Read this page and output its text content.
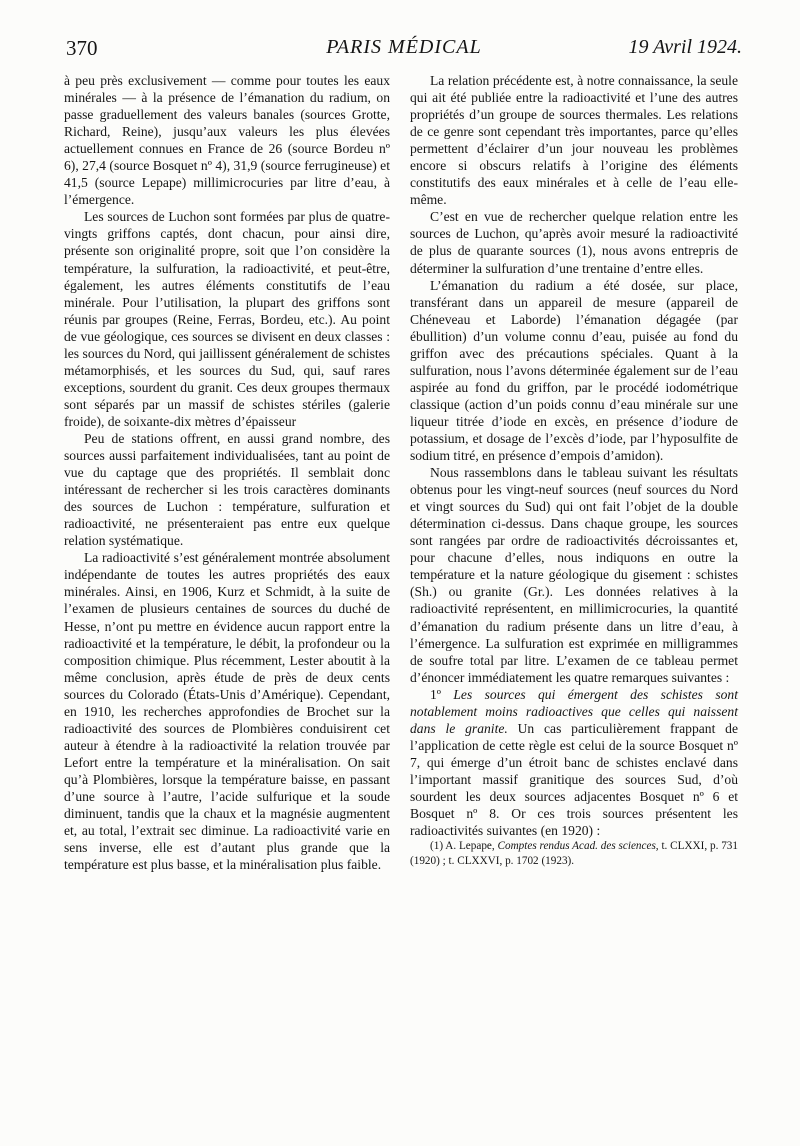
370	PARIS MÉDICAL	19 Avril 1924.

à peu près exclusivement — comme pour toutes les eaux minérales — à la présence de l’émanation du radium, on passe graduellement des valeurs banales (sources Grotte, Richard, Reine), jusqu’aux valeurs les plus élevées actuellement connues en France de 26 (source Bordeu nº 6), 27,4 (source Bosquet nº 4), 31,9 (source ferrugineuse) et 41,5 (source Lepape) millimicrocuries par litre d’eau, à l’émergence.

Les sources de Luchon sont formées par plus de quatre-vingts griffons captés, dont chacun, pour ainsi dire, présente son originalité propre, soit que l’on considère la température, la sulfuration, la radioactivité, et peut-être, également, les autres éléments constitutifs de l’eau minérale. Pour l’utilisation, la plupart des griffons sont réunis par groupes (Reine, Ferras, Bordeu, etc.). Au point de vue géologique, ces sources se divisent en deux classes : les sources du Nord, qui jaillissent généralement de schistes métamorphisés, et les sources du Sud, qui, sauf rares exceptions, sourdent du granit. Ces deux groupes thermaux sont séparés par un massif de schistes stériles (galerie froide), de soixante-dix mètres d’épaisseur

Peu de stations offrent, en aussi grand nombre, des sources aussi parfaitement individualisées, tant au point de vue du captage que des propriétés. Il semblait donc intéressant de rechercher si les trois caractères dominants des sources de Luchon : température, sulfuration et radioactivité, ne présenteraient pas entre eux quelque relation systématique.

La radioactivité s’est généralement montrée absolument indépendante de toutes les autres propriétés des eaux minérales. Ainsi, en 1906, Kurz et Schmidt, à la suite de l’examen de plusieurs centaines de sources du duché de Hesse, n’ont pu mettre en évidence aucun rapport entre la radioactivité et la température, le débit, la profondeur ou la composition chimique. Plus récemment, Lester aboutit à la même conclusion, après étude de près de deux cents sources du Colorado (États-Unis d’Amérique). Cependant, en 1910, les recherches approfondies de Brochet sur la radioactivité des sources de Plombières conduisirent cet auteur à étendre à la radioactivité la relation trouvée par Lefort entre la température et la minéralisation. On sait qu’à Plombières, lorsque la température baisse, en passant d’une source à l’autre, l’acide sulfurique et la soude diminuent, tandis que la chaux et la magnésie augmentent et, au total, l’extrait sec diminue. La radioactivité varie en sens inverse, elle est d’autant plus grande que la température est plus basse, et la minéralisation plus faible.

La relation précédente est, à notre connaissance, la seule qui ait été publiée entre la radioactivité et l’une des autres propriétés d’un groupe de sources thermales. Les relations de ce genre sont cependant très importantes, parce qu’elles permettent d’éclairer d’un jour nouveau les problèmes encore si obscurs relatifs à l’origine des éléments constitutifs des eaux minérales et à celle de l’eau elle-même.

C’est en vue de rechercher quelque relation entre les sources de Luchon, qu’après avoir mesuré la radioactivité de plus de quarante sources (1), nous avons entrepris de déterminer la sulfuration d’une trentaine d’entre elles.

L’émanation du radium a été dosée, sur place, transférant dans un appareil de mesure (appareil de Chéneveau et Laborde) l’émanation dégagée (par ébullition) d’un volume connu d’eau, puisée au fond du griffon avec des précautions spéciales. Quant à la sulfuration, nous l’avons déterminée également sur de l’eau aspirée au fond du griffon, par le procédé iodométrique classique (action d’un poids connu d’eau minérale sur une liqueur titrée d’iode en excès, en présence d’iodure de potassium, et dosage de l’excès d’iode, par l’hyposulfite de sodium titré, en présence d’empois d’amidon).

Nous rassemblons dans le tableau suivant les résultats obtenus pour les vingt-neuf sources (neuf sources du Nord et vingt sources du Sud) qui ont fait l’objet de la double détermination ci-dessus. Dans chaque groupe, les sources sont rangées par ordre de radioactivités décroissantes et, pour chacune d’elles, nous indiquons en outre la température et la nature géologique du gisement : schistes (Sh.) ou granite (Gr.). Les données relatives à la radioactivité représentent, en millimicrocuries, la quantité d’émanation du radium présente dans un litre d’eau, à l’émergence. La sulfuration est exprimée en milligrammes de soufre total par litre. L’examen de ce tableau permet d’énoncer immédiatement les quatre remarques suivantes :

1º Les sources qui émergent des schistes sont notablement moins radioactives que celles qui naissent dans le granite. Un cas particulièrement frappant de l’application de cette règle est celui de la source Bosquet nº 7, qui émerge d’un étroit banc de schistes enclavé dans l’important massif granitique des sources Sud, d’où sourdent les deux sources adjacentes Bosquet nº 6 et Bosquet nº 8. Or ces trois sources présentent les radioactivités suivantes (en 1920) :

(1) A. Lepape, Comptes rendus Acad. des sciences, t. CLXXI, p. 731 (1920) ; t. CLXXVI, p. 1702 (1923).
